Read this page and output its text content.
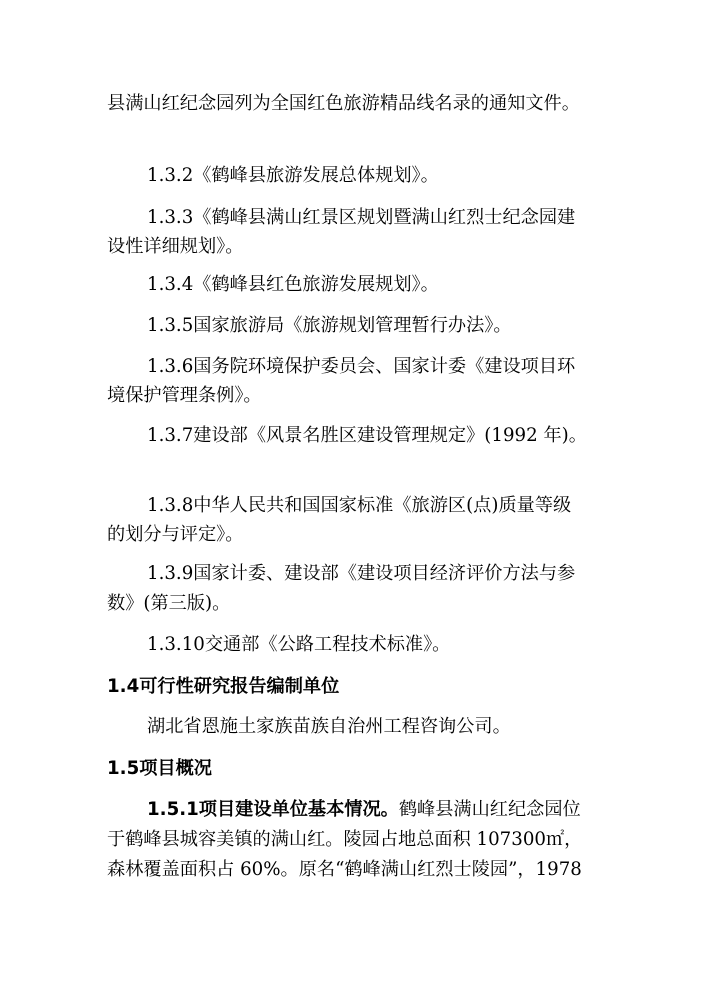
县满山红纪念园列为全国红色旅游精品线名录的通知文件。
1.3.2《鹤峰县旅游发展总体规划》。
1.3.3《鹤峰县满山红景区规划暨满山红烈士纪念园建
设性详细规划》。
1.3.4《鹤峰县红色旅游发展规划》。
1.3.5国家旅游局《旅游规划管理暂行办法》。
1.3.6国务院环境保护委员会、国家计委《建设项目环
境保护管理条例》。
1.3.7建设部《风景名胜区建设管理规定》(1992 年)。
1.3.8中华人民共和国国家标准《旅游区(点)质量等级
的划分与评定》。
1.3.9国家计委、建设部《建设项目经济评价方法与参
数》(第三版)。
1.3.10交通部《公路工程技术标准》。
1.4可行性研究报告编制单位
湖北省恩施土家族苗族自治州工程咨询公司。
1.5项目概况
1.5.1项目建设单位基本情况。鹤峰县满山红纪念园位
于鹤峰县城容美镇的满山红。陵园占地总面积 107300㎡，
森林覆盖面积占 60%。原名“鹤峰满山红烈士陵园”，1978
